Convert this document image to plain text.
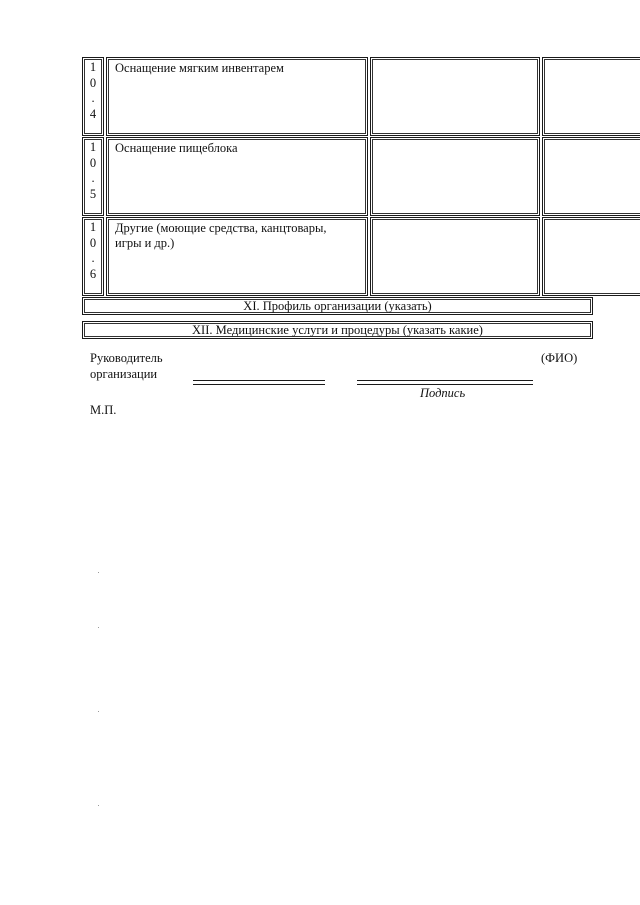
1
0
.
4
Оснащение мягким инвентарем
1
0
.
5
Оснащение пищеблока
1
0
.
6
Другие (моющие средства, канцтовары, игры и др.)
XI. Профиль организации (указать)
XII. Медицинские услуги и процедуры (указать какие)
Руководитель
организации
(ФИО)
Подпись
М.П.
